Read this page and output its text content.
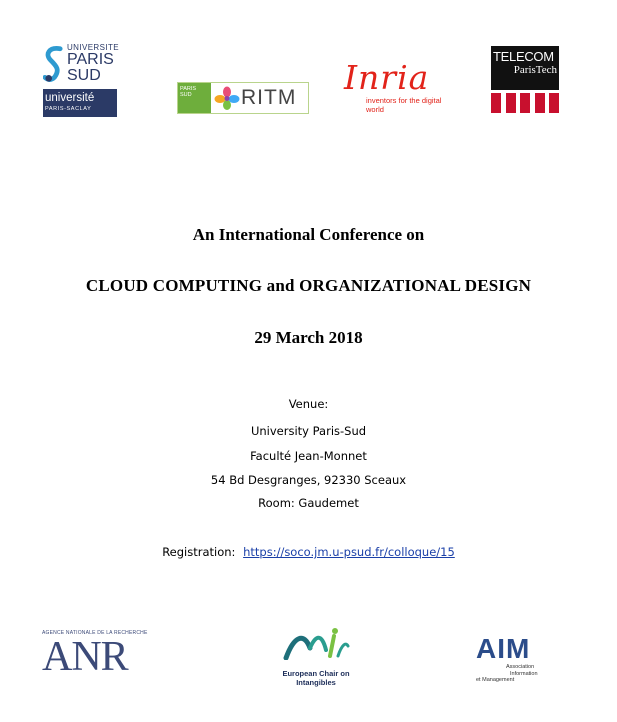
UNIVERSITE
PARIS
SUD
université
PARIS-SACLAY
PARIS SUD	RITM
Inria
inventors for the digital world
TELECOM
ParisTech
An International Conference on
CLOUD COMPUTING and ORGANIZATIONAL DESIGN
29 March 2018
Venue:
University Paris-Sud
Faculté Jean-Monnet
54 Bd Desgranges, 92330 Sceaux
Room: Gaudemet
Registration: https://soco.jm.u-psud.fr/colloque/15
AGENCE NATIONALE DE LA RECHERCHE
ANR	European Chair on Intangibles
AIM
Association
Information
et Management
